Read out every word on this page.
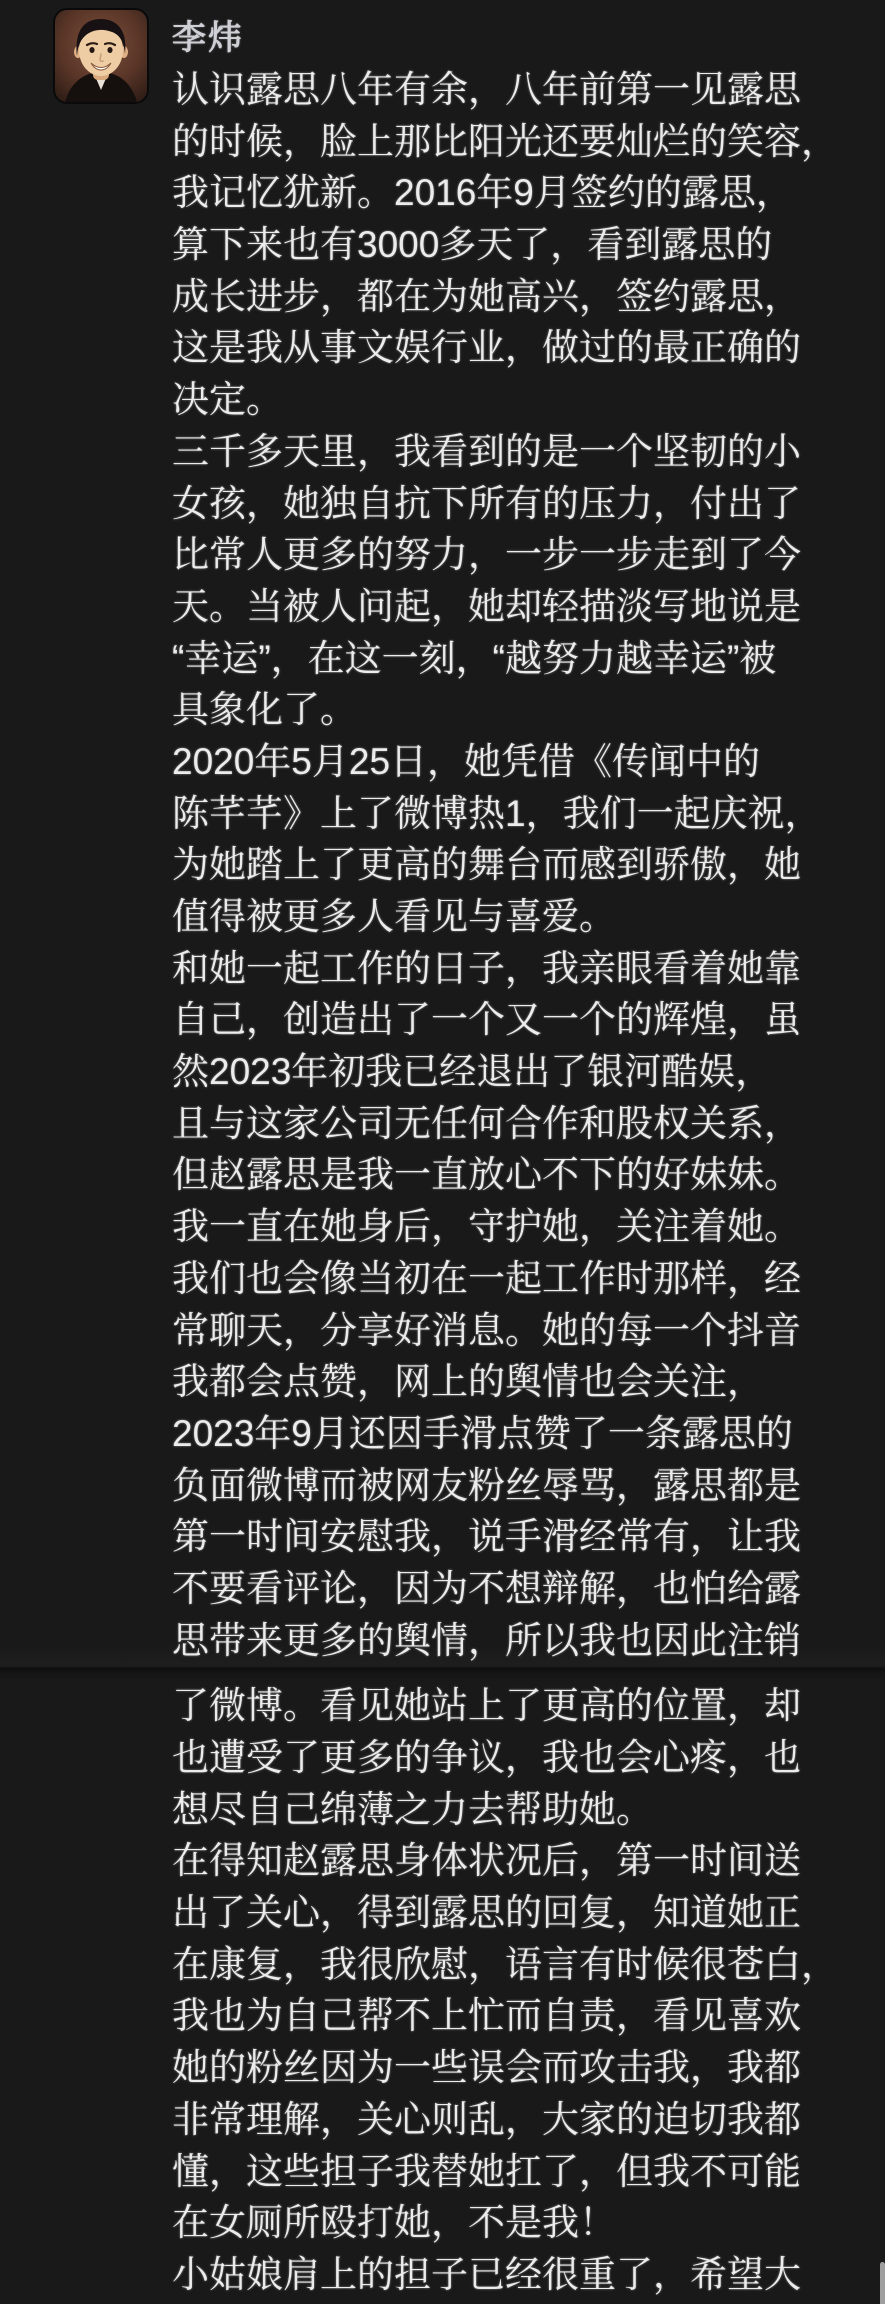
李炜
认识露思八年有余，八年前第一见露思
的时候，脸上那比阳光还要灿烂的笑容，
我记忆犹新。2016年9月签约的露思，
算下来也有3000多天了，看到露思的
成长进步，都在为她高兴，签约露思，
这是我从事文娱行业，做过的最正确的
决定。
三千多天里，我看到的是一个坚韧的小
女孩，她独自抗下所有的压力，付出了
比常人更多的努力，一步一步走到了今
天。当被人问起，她却轻描淡写地说是
“幸运”，在这一刻，“越努力越幸运”被
具象化了。
2020年5月25日，她凭借《传闻中的
陈芊芊》上了微博热1，我们一起庆祝，
为她踏上了更高的舞台而感到骄傲，她
值得被更多人看见与喜爱。
和她一起工作的日子，我亲眼看着她靠
自己，创造出了一个又一个的辉煌，虽
然2023年初我已经退出了银河酷娱，
且与这家公司无任何合作和股权关系，
但赵露思是我一直放心不下的好妹妹。
我一直在她身后，守护她，关注着她。
我们也会像当初在一起工作时那样，经
常聊天，分享好消息。她的每一个抖音
我都会点赞，网上的舆情也会关注，
2023年9月还因手滑点赞了一条露思的
负面微博而被网友粉丝辱骂，露思都是
第一时间安慰我，说手滑经常有，让我
不要看评论，因为不想辩解，也怕给露
思带来更多的舆情，所以我也因此注销
了微博。看见她站上了更高的位置，却
也遭受了更多的争议，我也会心疼，也
想尽自己绵薄之力去帮助她。
在得知赵露思身体状况后，第一时间送
出了关心，得到露思的回复，知道她正
在康复，我很欣慰，语言有时候很苍白，
我也为自己帮不上忙而自责，看见喜欢
她的粉丝因为一些误会而攻击我，我都
非常理解，关心则乱，大家的迫切我都
懂，这些担子我替她扛了，但我不可能
在女厕所殴打她，不是我！
小姑娘肩上的担子已经很重了，希望大
